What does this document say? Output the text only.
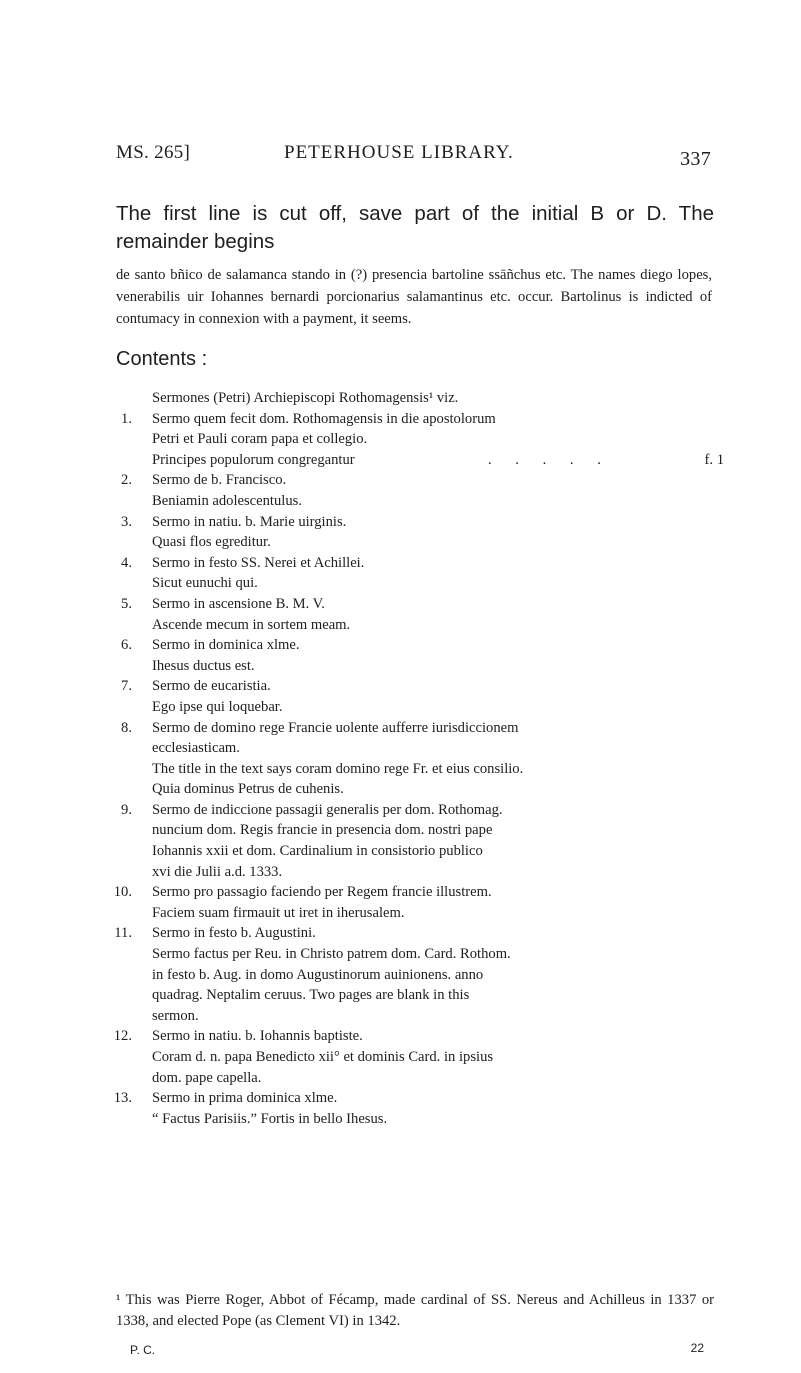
MS. 265]	PETERHOUSE LIBRARY.	337
The first line is cut off, save part of the initial B or D. The remainder begins
de santo bñico de salamanca stando in (?) presencia bartoline ssāñchus etc. The names diego lopes, venerabilis uir Iohannes bernardi porcionarius salamantinus etc. occur. Bartolinus is indicted of contumacy in connexion with a payment, it seems.
Contents :
Sermones (Petri) Archiepiscopi Rothomagensis¹ viz.
1. Sermo quem fecit dom. Rothomagensis in die apostolorum
Petri et Pauli coram papa et collegio.
Principes populorum congregantur	. . . . .	f. 1
2. Sermo de b. Francisco.
Beniamin adolescentulus.
3. Sermo in natiu. b. Marie uirginis.
Quasi flos egreditur.
4. Sermo in festo SS. Nerei et Achillei.
Sicut eunuchi qui.
5. Sermo in ascensione B. M. V.
Ascende mecum in sortem meam.
6. Sermo in dominica xlme.
Ihesus ductus est.
7. Sermo de eucaristia.
Ego ipse qui loquebar.
8. Sermo de domino rege Francie uolente aufferre iurisdiccionem
ecclesiasticam.
The title in the text says coram domino rege Fr. et eius consilio.
Quia dominus Petrus de cuhenis.
9. Sermo de indiccione passagii generalis per dom. Rothomag.
nuncium dom. Regis francie in presencia dom. nostri pape
Iohannis xxii et dom. Cardinalium in consistorio publico
xvi die Julii a.d. 1333.
10. Sermo pro passagio faciendo per Regem francie illustrem.
Faciem suam firmauit ut iret in iherusalem.
11. Sermo in festo b. Augustini.
Sermo factus per Reu. in Christo patrem dom. Card. Rothom.
in festo b. Aug. in domo Augustinorum auinionens. anno
quadrag. Neptalim ceruus. Two pages are blank in this
sermon.
12. Sermo in natiu. b. Iohannis baptiste.
Coram d. n. papa Benedicto xii° et dominis Card. in ipsius
dom. pape capella.
13. Sermo in prima dominica xlme.
“ Factus Parisiis.” Fortis in bello Ihesus.
¹ This was Pierre Roger, Abbot of Fécamp, made cardinal of SS. Nereus and Achilleus in 1337 or 1338, and elected Pope (as Clement VI) in 1342.
P. C.	22
